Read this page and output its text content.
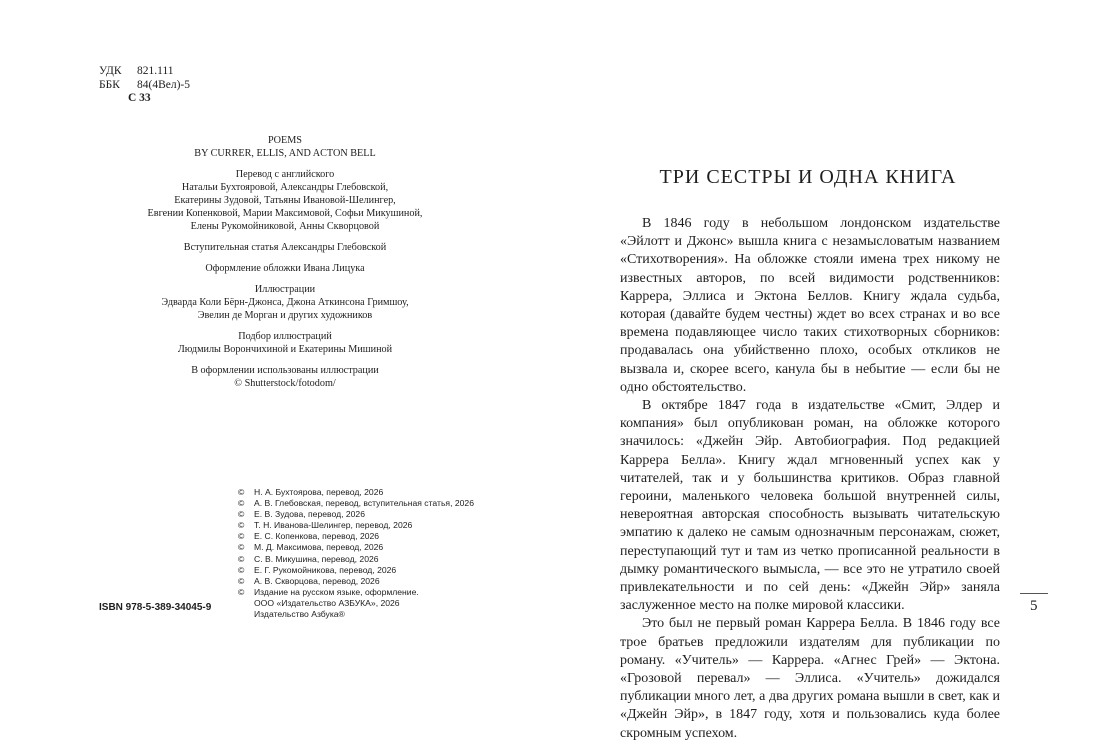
УДК 821.111
ББК 84(4Вел)-5
С 33
POEMS
BY CURRER, ELLIS, AND ACTON BELL
Перевод с английского
Натальи Бухтояровой, Александры Глебовской,
Екатерины Зудовой, Татьяны Ивановой-Шелингер,
Евгении Копенковой, Марии Максимовой, Софьи Микушиной,
Елены Рукомойниковой, Анны Скворцовой
Вступительная статья Александры Глебовской
Оформление обложки Ивана Лицука
Иллюстрации
Эдварда Коли Бёрн-Джонса, Джона Аткинсона Гримшоу,
Эвелин де Морган и других художников
Подбор иллюстраций
Людмилы Ворончихиной и Екатерины Мишиной
В оформлении использованы иллюстрации
© Shutterstock/fotodom/
© Н. А. Бухтоярова, перевод, 2026
© А. В. Глебовская, перевод, вступительная статья, 2026
© Е. В. Зудова, перевод, 2026
© Т. Н. Иванова-Шелингер, перевод, 2026
© Е. С. Копенкова, перевод, 2026
© М. Д. Максимова, перевод, 2026
© С. В. Микушина, перевод, 2026
© Е. Г. Рукомойникова, перевод, 2026
© А. В. Скворцова, перевод, 2026
© Издание на русском языке, оформление.
ООО «Издательство АЗБУКА», 2026
Издательство Азбука®
ISBN 978-5-389-34045-9
ТРИ СЕСТРЫ И ОДНА КНИГА

В 1846 году в небольшом лондонском издательстве «Эйлотт и Джонс» вышла книга с незамысловатым названием «Стихотворения». На обложке стояли имена трех никому не известных авторов, по всей видимости родственников: Каррера, Эллиса и Эктона Беллов. Книгу ждала судьба, которая (давайте будем честны) ждет во всех странах и во все времена подавляющее число таких стихотворных сборников: продавалась она убийственно плохо, особых откликов не вызвала и, скорее всего, канула бы в небытие — если бы не одно обстоятельство.

В октябре 1847 года в издательстве «Смит, Элдер и компания» был опубликован роман, на обложке которого значилось: «Джейн Эйр. Автобиография. Под редакцией Каррера Белла». Книгу ждал мгновенный успех как у читателей, так и у большинства критиков. Образ главной героини, маленького человека большой внутренней силы, невероятная авторская способность вызывать читательскую эмпатию к далеко не самым однозначным персонажам, сюжет, переступающий тут и там из четко прописанной реальности в дымку романтического вымысла, — все это не утратило своей привлекательности и по сей день: «Джейн Эйр» заняла заслуженное место на полке мировой классики.

Это был не первый роман Каррера Белла. В 1846 году все трое братьев предложили издателям для публикации по роману. «Учитель» — Каррера. «Агнес Грей» — Эктона. «Грозовой перевал» — Эллиса. «Учитель» дожидался публикации много лет, а два других романа вышли в свет, как и «Джейн Эйр», в 1847 году, хотя и пользовались куда более скромным успехом.

5
